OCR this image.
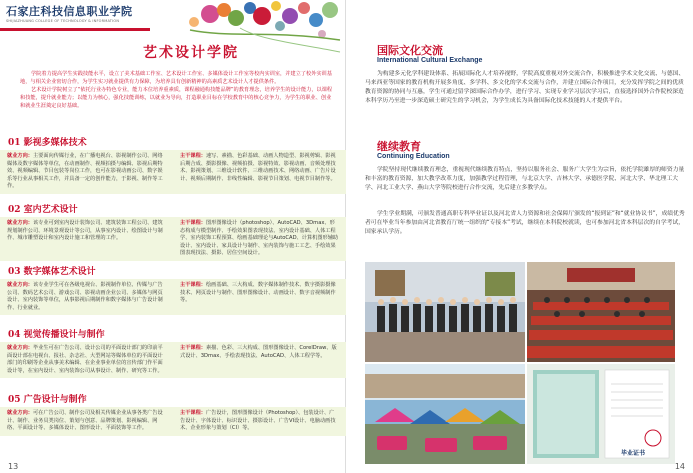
石家庄科技信息职业学院
SHIJIAZHUANG COLLEGE OF TECHNOLOGY & INFORMATION
艺术设计学院

学院着力提高学生实践技能水平，设立了美术基础工作室、艺术设计工作室、多媒体设计工作室等校内实训室，并建立了校外实训基地，与相关企业密切合作，为学生实习就业提供有力保障，为培养具有创新精神的高素质艺术设计人才提供条件。

艺术设计学院树立了“依托行业办特色专业，能力本位培养重素质，课程融通构技能品牌”的教育理念，培养学生的设计能力，以课程和技能，提升就业能力；以能力为核心，强化技能训练，以就业为导向，打造职业目标在学校教育中的核心竞争力，为学生的职业、创业和就业生涯奠定良好基础。

01 影视多媒体技术
就业方向：主要面向传媒行业，在广播电视台、影视制作公司、网络媒体及数字媒体等单位，在动画制作、视频拍摄与编辑、影视后期特效、视频编辑、节目包装等岗位工作，也可在影视动画公司、数字娱乐等行业从事相关工作，并具备一定的创作能力，于影视、制作等工作。
主干课程：速写、素描、色彩基础、动画人物造型、影视剪辑、影视后期合成、摄影摄像、视频拍摄、影视特效、影视动画、音频处理技术、影视策划、三维设计软件、三维动画技术、网络动画、广告片设计、视频后期制作、非线性编辑、影视节目策划、电视节目制作等。
02 室内艺术设计
就业方向：该专业可到室内设计装饰公司、建筑装饰工程公司、建筑规划制作公司、环境景观设计等公司，从事室内设计、绘图设计与制作、城市雕塑设计和室内设计施工和管理的工作。
主干课程：图形图像设计（photoshop）、AutoCAD、3Dmax、形态构成与模型制作、手绘效果图表现技法、室内设计基础、人体工程学、室内装饰工程预算、绘画基础理论与AutoCAD、计算机图形辅助设计、室内设计、家具设计与制作、室内装饰与施工工艺、手绘效果图表现技法、摄影、居住空间设计。
03 数字媒体艺术设计
就业方向：该专业学生可在各级电视台、影视制作单位、传媒与广告公司、数码艺术公司、游戏公司、影视动画企业公司、多媒体与网页设计、室内装饰等单位，从事影视后期制作和数字媒体与广告设计制作、行业就业。
主干课程：绘画基础、三大构成、数字媒体制作技术、数字摄影摄像技术、网页设计与制作、图形图像设计、动画设计、数字音视频制作等。
04 视觉传播设计与制作
就业方向：毕业生可在广告公司、设计公司的平面设计部门的印前平面设计部在电视台、报社、杂志社、大型网站等媒体单位的平面设计部门的印刷等企业从事美术编辑、在企业事业单位的宣传部门作平面设计等，在室内设计、室内装饰公司从事设计、制作、研究等工作。
主干课程：素描、色彩、三大构成、图形图像设计、CorelDraw、版式设计、3Dmax、手绘表现技法、AutoCAD、人体工程学等。
05 广告设计与制作
就业方向：可在广告公司、制作公司及相关传媒企业从事各类广告设计、制作、业务员类岗位、策划与创意、品牌策划、影视编辑、网络、平面设计等、多媒体设计、图形设计、平面装饰等工作。
主干课程：广告设计，图形图像设计（Photoshop）、包装设计、广告设计、字体设计、标识设计、摄影设计、广告VI设计、电脑动画技术、企业形象与策划（CI）等。
13
国际文化交流
International Cultural Exchange
为构建多元化学科建设体系、拓展国际化人才培养视野，学院高度重视对外交流合作，积极推进学术文化交流、与德国、马来西亚等国家的教育机构开展多角度、多学科、多文化的学术交流与合作，并建立国际合作项目，充分发挥学院之间的优质教育资源的协同与互惠，学生可通过留学深国际合作办学，进行学习、实现专业学习层次学习后，直接选择国外合作院校深造本科学历乃至进一步深造硕士研究生的学习机会，为学生成长为具备国际化技术技能的人才提供平台。
继续教育
Continuing Education
学院坚持现代继续教育理念，重视现代继续教育特点，坚持以服务社会、服务广大学生为宗旨，依托学院雄厚的师资力量和丰富的教育资源，加大教学改革力度，加强教学过程管理，与北京大学、吉林大学、承德医学院、河北大学、华北理工大学、河北工业大学、燕山大学等院校进行合作交流，先后建立多教学点。
学生学业期满，可颁发普通高职专科毕业证以及河北省人力资源和社会保障厅颁发的“报到证”和“就业协议书”，成绩优秀者可在毕业当年参加由河北省教育厅统一组织的“专接本”考试，继续在本科院校就读，也可参加河北省本科层次的自学考试，国家承认学历。
毕业证书
14
